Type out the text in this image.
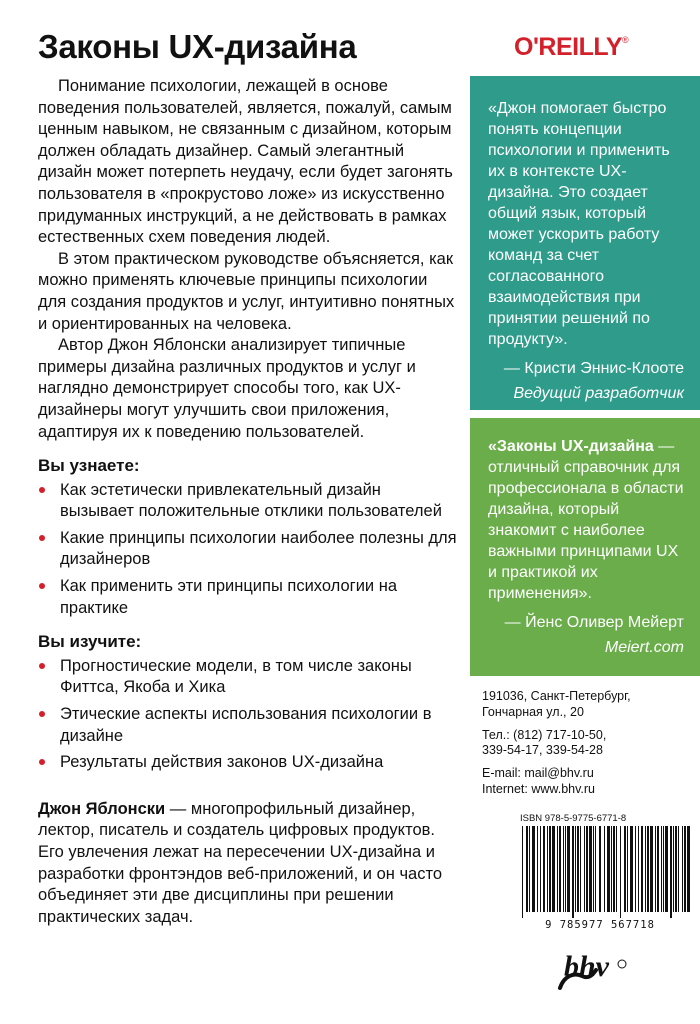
Законы UX-дизайна	O'REILLY®

Понимание психологии, лежащей в основе поведения пользователей, является, пожалуй, самым ценным навыком, не связанным с дизайном, которым должен обладать дизайнер. Самый элегантный дизайн может потерпеть неудачу, если будет загонять пользователя в «прокрустово ложе» из искусственно придуманных инструкций, а не действовать в рамках естественных схем поведения людей.

В этом практическом руководстве объясняется, как можно применять ключевые принципы психологии для создания продуктов и услуг, интуитивно понятных и ориентированных на человека.

Автор Джон Яблонски анализирует типичные примеры дизайна различных продуктов и услуг и наглядно демонстрирует способы того, как UX-дизайнеры могут улучшить свои приложения, адаптируя их к поведению пользователей.

Вы узнаете:
Как эстетически привлекательный дизайн вызывает положительные отклики пользователей
Какие принципы психологии наиболее полезны для дизайнеров
Как применить эти принципы психологии на практике
Вы изучите:
Прогностические модели, в том числе законы Фиттса, Якоба и Хика
Этические аспекты использования психологии в дизайне
Результаты действия законов UX-дизайна

Джон Яблонски — многопрофильный дизайнер, лектор, писатель и создатель цифровых продуктов. Его увлечения лежат на пересечении UX-дизайна и разработки фронтэндов веб-приложений, и он часто объединяет эти две дисциплины при решении практических задач.

«Джон помогает быстро понять концепции психологии и применить их в контексте UX-дизайна. Это создает общий язык, который может ускорить работу команд за счет согласованного взаимодействия при принятии решений по продукту».
— Кристи Эннис-Клооте
Ведущий разработчик
«Законы UX-дизайна — отличный справочник для профессионала в области дизайна, который знакомит с наиболее важными принципами UX и практикой их применения».
— Йенс Оливер Мейерт
Meiert.com
191036, Санкт-Петербург,
Гончарная ул., 20
Тел.: (812) 717-10-50,
339-54-17, 339-54-28
E-mail: mail@bhv.ru
Internet: www.bhv.ru
ISBN 978-5-9775-6771-8
9 785977 567718
bhv
